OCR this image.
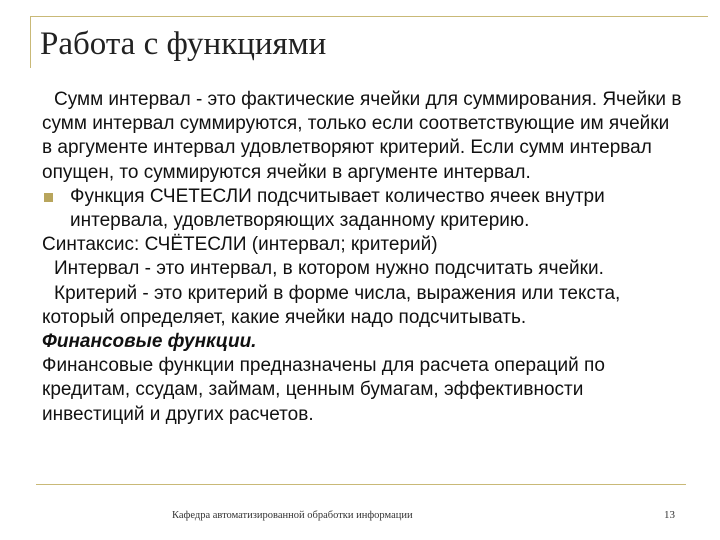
Работа с функциями

Сумм интервал - это фактические ячейки для суммирования. Ячейки в сумм интервал суммируются, только если соответствующие им ячейки в аргументе интервал удовлетворяют критерий. Если сумм интервал опущен, то суммируются ячейки в аргументе интервал.

Функция СЧЕТЕСЛИ подсчитывает количество ячеек внутри интервала, удовлетворяющих заданному критерию.

Синтаксис: СЧЁТЕСЛИ (интервал; критерий)

Интервал - это интервал, в котором нужно подсчитать ячейки.

Критерий - это критерий в форме числа, выражения или текста, который определяет, какие ячейки надо подсчитывать.

Финансовые функции.

Финансовые функции предназначены для расчета операций по кредитам, ссудам, займам, ценным бумагам, эффективности инвестиций и других расчетов.

Кафедра автоматизированной обработки информации	13
